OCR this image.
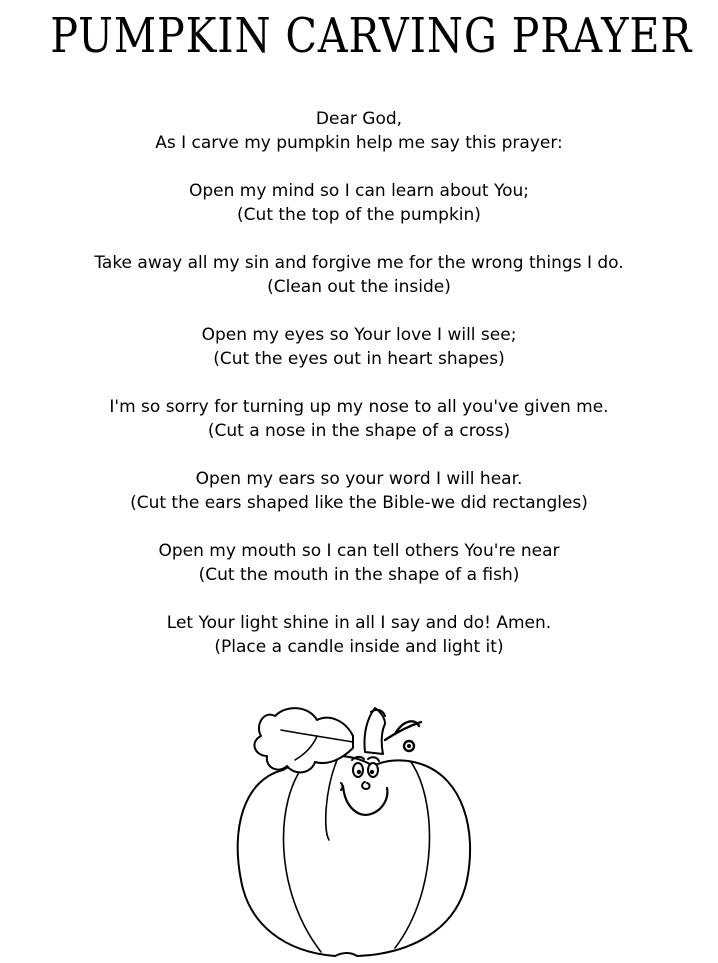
PUMPKIN CARVING PRAYER
Dear God,
As I carve my pumpkin help me say this prayer:
Open my mind so I can learn about You;
(Cut the top of the pumpkin)
Take away all my sin and forgive me for the wrong things I do.
(Clean out the inside)
Open my eyes so Your love I will see;
(Cut the eyes out in heart shapes)
I'm so sorry for turning up my nose to all you've given me.
(Cut a nose in the shape of a cross)
Open my ears so your word I will hear.
(Cut the ears shaped like the Bible-we did rectangles)
Open my mouth so I can tell others You're near
(Cut the mouth in the shape of a fish)
Let Your light shine in all I say and do! Amen.
(Place a candle inside and light it)
